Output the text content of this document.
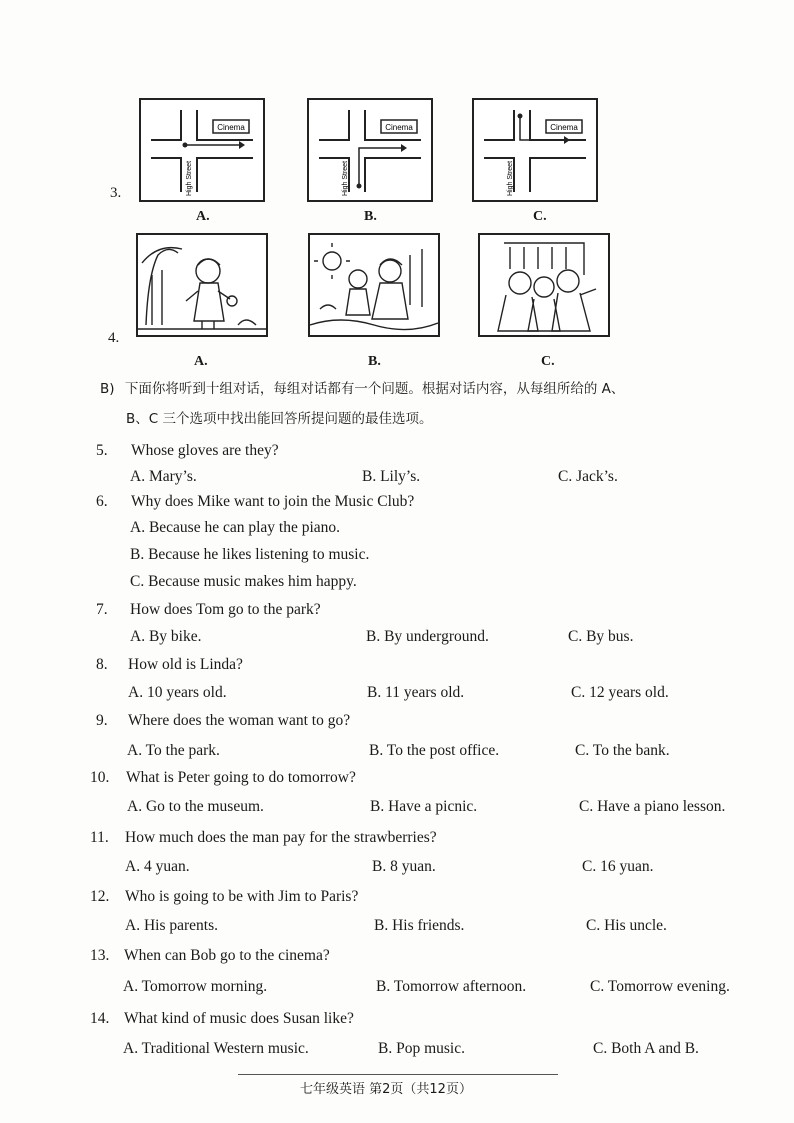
3.
Cinema
High Street
Cinema
High Street
Cinema
High Street
A.	B.	C.
4.
A.	B.	C.
B) 下面你将听到十组对话，每组对话都有一个问题。根据对话内容，从每组所给的 A、
B、C 三个选项中找出能回答所提问题的最佳选项。
5. Whose gloves are they?
A. Mary’s.	B. Lily’s.	C. Jack’s.
6. Why does Mike want to join the Music Club?
A. Because he can play the piano.
B. Because he likes listening to music.
C. Because music makes him happy.
7. How does Tom go to the park?
A. By bike.	B. By underground.	C. By bus.
8. How old is Linda?
A. 10 years old.	B. 11 years old.	C. 12 years old.
9. Where does the woman want to go?
A. To the park.	B. To the post office.	C. To the bank.
10. What is Peter going to do tomorrow?
A. Go to the museum.	B. Have a picnic.	C. Have a piano lesson.
11. How much does the man pay for the strawberries?
A. 4 yuan.	B. 8 yuan.	C. 16 yuan.
12. Who is going to be with Jim to Paris?
A. His parents.	B. His friends.	C. His uncle.
13. When can Bob go to the cinema?
A. Tomorrow morning.	B. Tomorrow afternoon.	C. Tomorrow evening.
14. What kind of music does Susan like?
A. Traditional Western music.	B. Pop music.	C. Both A and B.
七年级英语 第2页（共12页）
